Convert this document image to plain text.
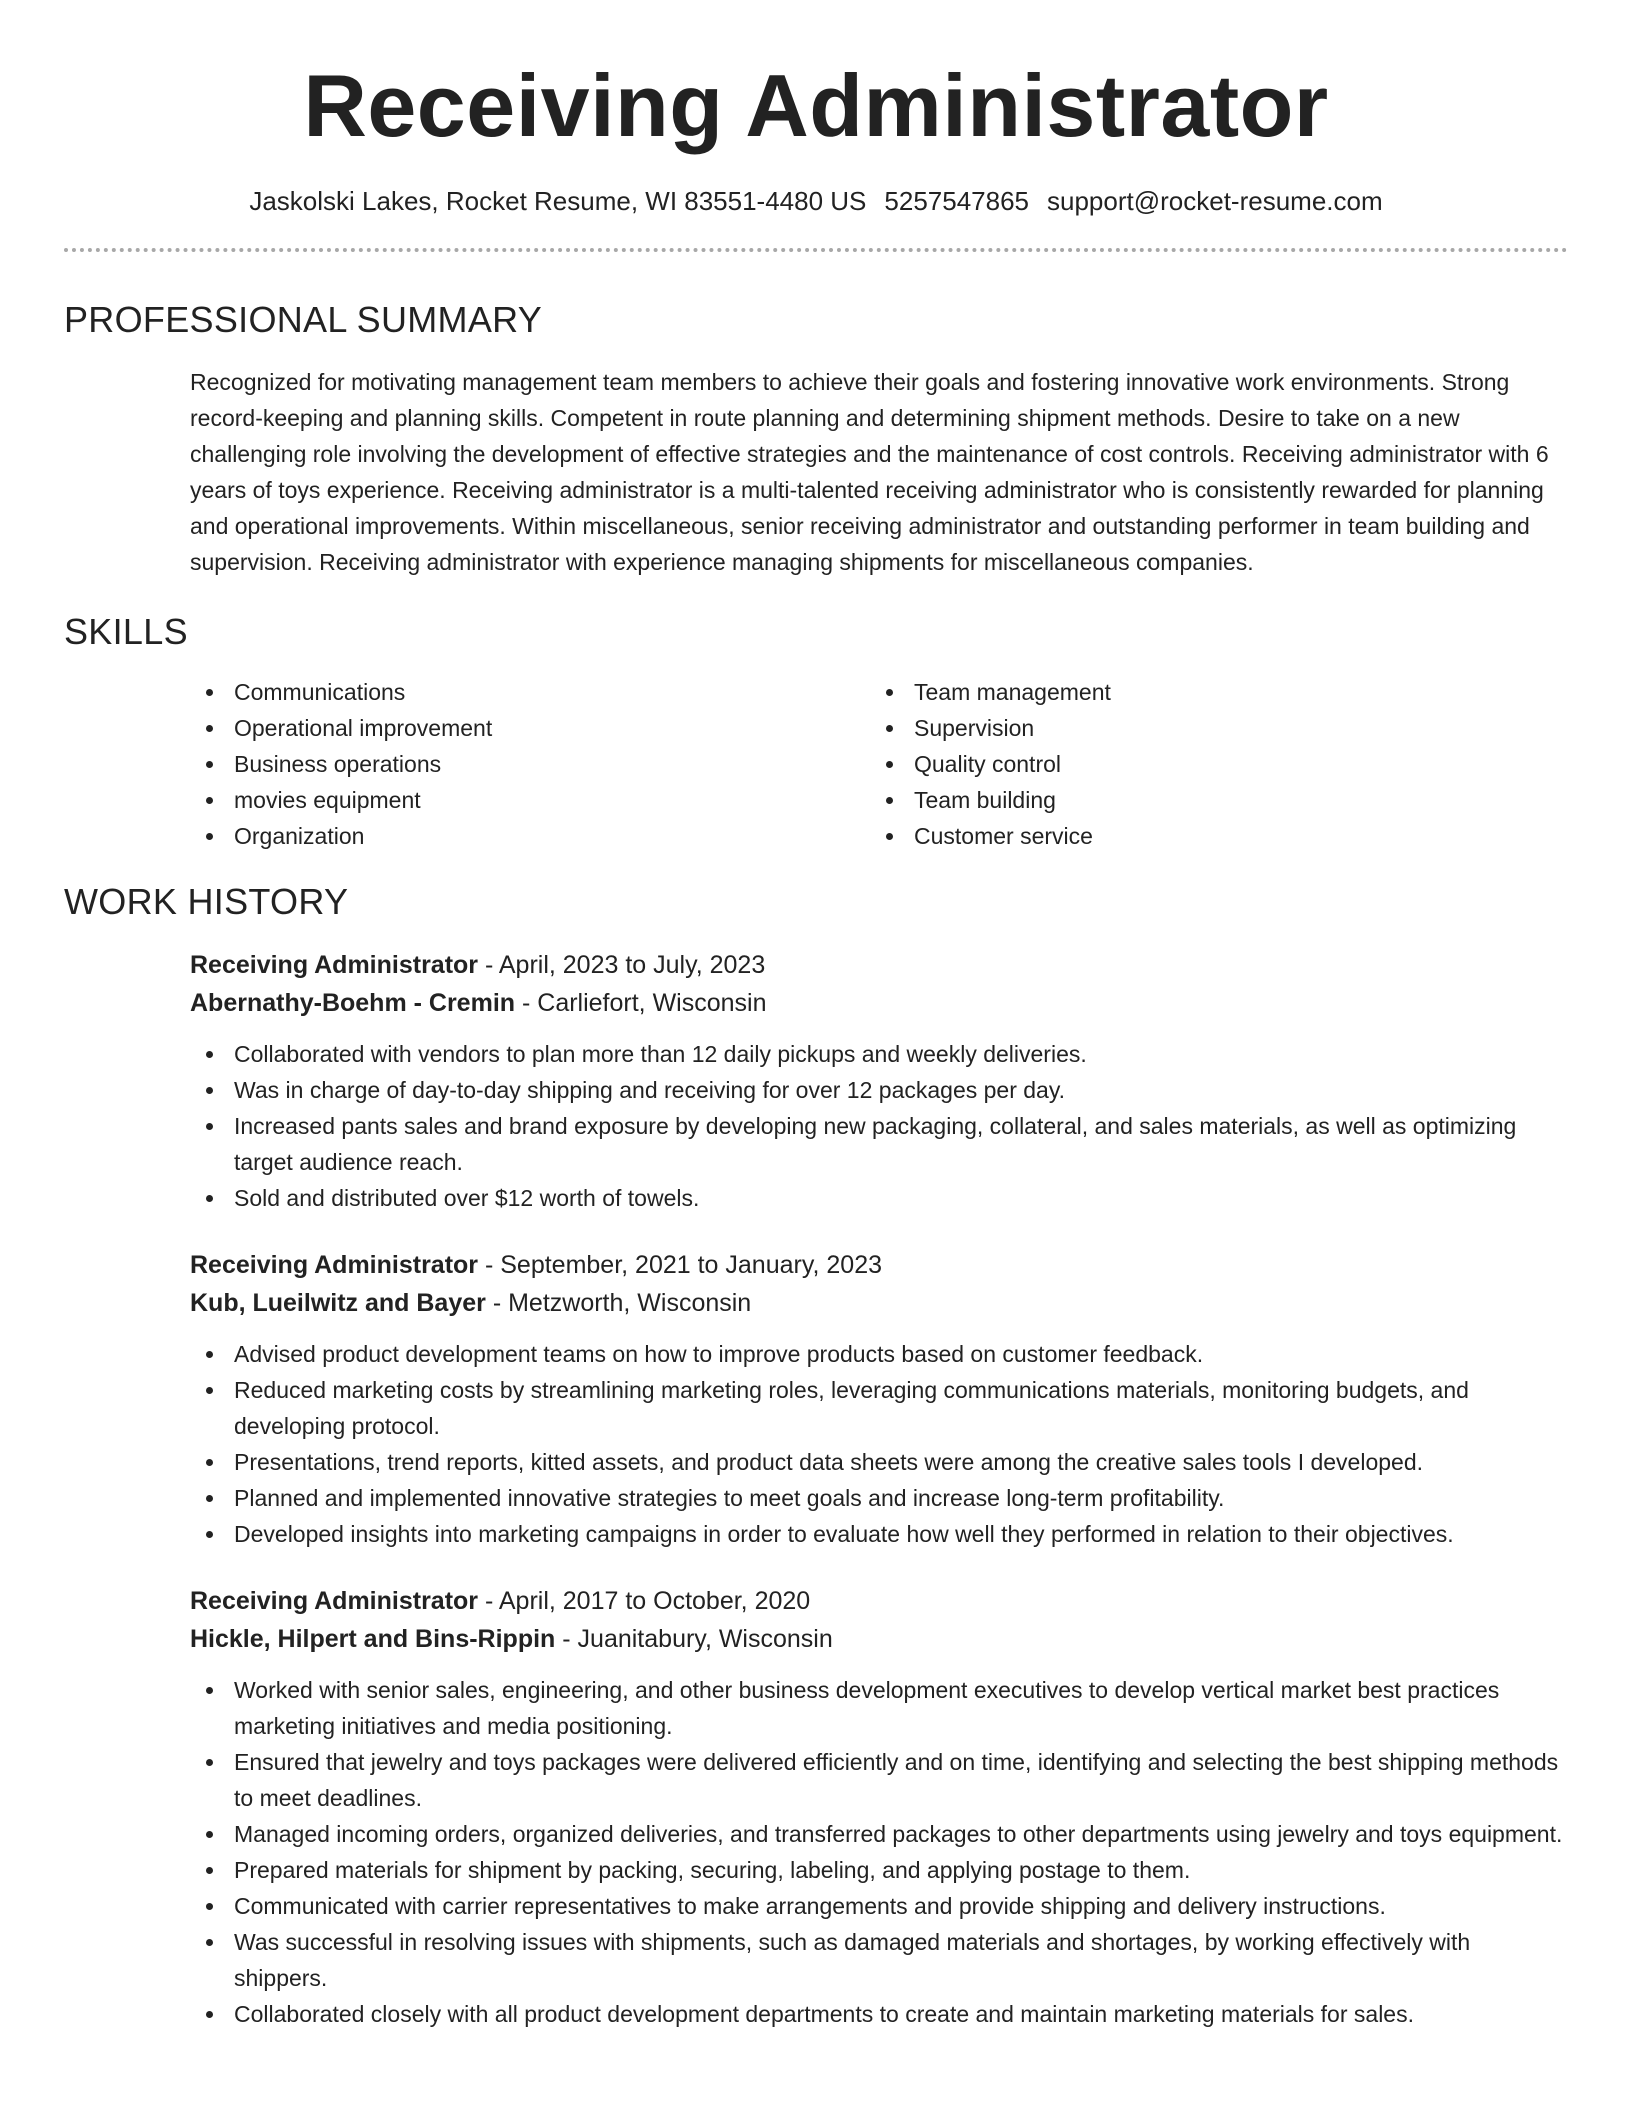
Receiving Administrator
Jaskolski Lakes, Rocket Resume, WI 83551-4480 US 5257547865 support@rocket-resume.com
PROFESSIONAL SUMMARY

Recognized for motivating management team members to achieve their goals and fostering innovative work environments. Strong record-keeping and planning skills. Competent in route planning and determining shipment methods. Desire to take on a new challenging role involving the development of effective strategies and the maintenance of cost controls. Receiving administrator with 6 years of toys experience. Receiving administrator is a multi-talented receiving administrator who is consistently rewarded for planning and operational improvements. Within miscellaneous, senior receiving administrator and outstanding performer in team building and supervision. Receiving administrator with experience managing shipments for miscellaneous companies.

SKILLS
Communications
Operational improvement
Business operations
movies equipment
Organization
Team management
Supervision
Quality control
Team building
Customer service
WORK HISTORY
Receiving Administrator - April, 2023 to July, 2023
Abernathy-Boehm - Cremin - Carliefort, Wisconsin
Collaborated with vendors to plan more than 12 daily pickups and weekly deliveries.
Was in charge of day-to-day shipping and receiving for over 12 packages per day.
Increased pants sales and brand exposure by developing new packaging, collateral, and sales materials, as well as optimizing target audience reach.
Sold and distributed over $12 worth of towels.
Receiving Administrator - September, 2021 to January, 2023
Kub, Lueilwitz and Bayer - Metzworth, Wisconsin
Advised product development teams on how to improve products based on customer feedback.
Reduced marketing costs by streamlining marketing roles, leveraging communications materials, monitoring budgets, and developing protocol.
Presentations, trend reports, kitted assets, and product data sheets were among the creative sales tools I developed.
Planned and implemented innovative strategies to meet goals and increase long-term profitability.
Developed insights into marketing campaigns in order to evaluate how well they performed in relation to their objectives.
Receiving Administrator - April, 2017 to October, 2020
Hickle, Hilpert and Bins-Rippin - Juanitabury, Wisconsin
Worked with senior sales, engineering, and other business development executives to develop vertical market best practices marketing initiatives and media positioning.
Ensured that jewelry and toys packages were delivered efficiently and on time, identifying and selecting the best shipping methods to meet deadlines.
Managed incoming orders, organized deliveries, and transferred packages to other departments using jewelry and toys equipment.
Prepared materials for shipment by packing, securing, labeling, and applying postage to them.
Communicated with carrier representatives to make arrangements and provide shipping and delivery instructions.
Was successful in resolving issues with shipments, such as damaged materials and shortages, by working effectively with shippers.
Collaborated closely with all product development departments to create and maintain marketing materials for sales.
